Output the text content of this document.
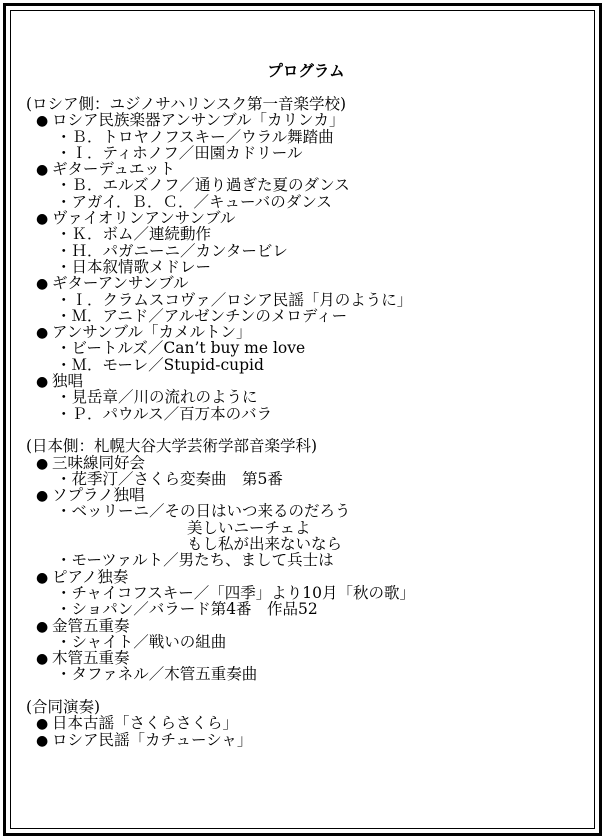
プログラム
(ロシア側：ユジノサハリンスク第一音楽学校)
● ロシア民族楽器アンサンブル「カリンカ」
・Ｂ．トロヤノフスキー／ウラル舞踏曲
・Ｉ．ティホノフ／田園カドリール
● ギターデュエット
・Ｂ．エルズノフ／通り過ぎた夏のダンス
・アガイ．Ｂ．Ｃ．／キューバのダンス
● ヴァイオリンアンサンブル
・Ｋ．ボム／連続動作
・Ｈ．パガニーニ／カンタービレ
・日本叙情歌メドレー
● ギターアンサンブル
・Ｉ．クラムスコヴァ／ロシア民謡「月のように」
・Ｍ．アニド／アルゼンチンのメロディー
● アンサンブル「カメルトン」
・ビートルズ／Can’t buy me love
・Ｍ．モーレ／Stupid-cupid
● 独唱
・見岳章／川の流れのように
・Ｐ．パウルス／百万本のバラ
(日本側：札幌大谷大学芸術学部音楽学科)
● 三味線同好会
・花季汀／さくら変奏曲　第5番
● ソプラノ独唱
・ベッリーニ／その日はいつ来るのだろう
美しいニーチェよ
もし私が出来ないなら
・モーツァルト／男たち、まして兵士は
● ピアノ独奏
・チャイコフスキー／「四季」より10月「秋の歌」
・ショパン／バラード第4番　作品52
● 金管五重奏
・シャイト／戦いの組曲
● 木管五重奏
・タファネル／木管五重奏曲
(合同演奏)
● 日本古謡「さくらさくら」
● ロシア民謡「カチューシャ」
